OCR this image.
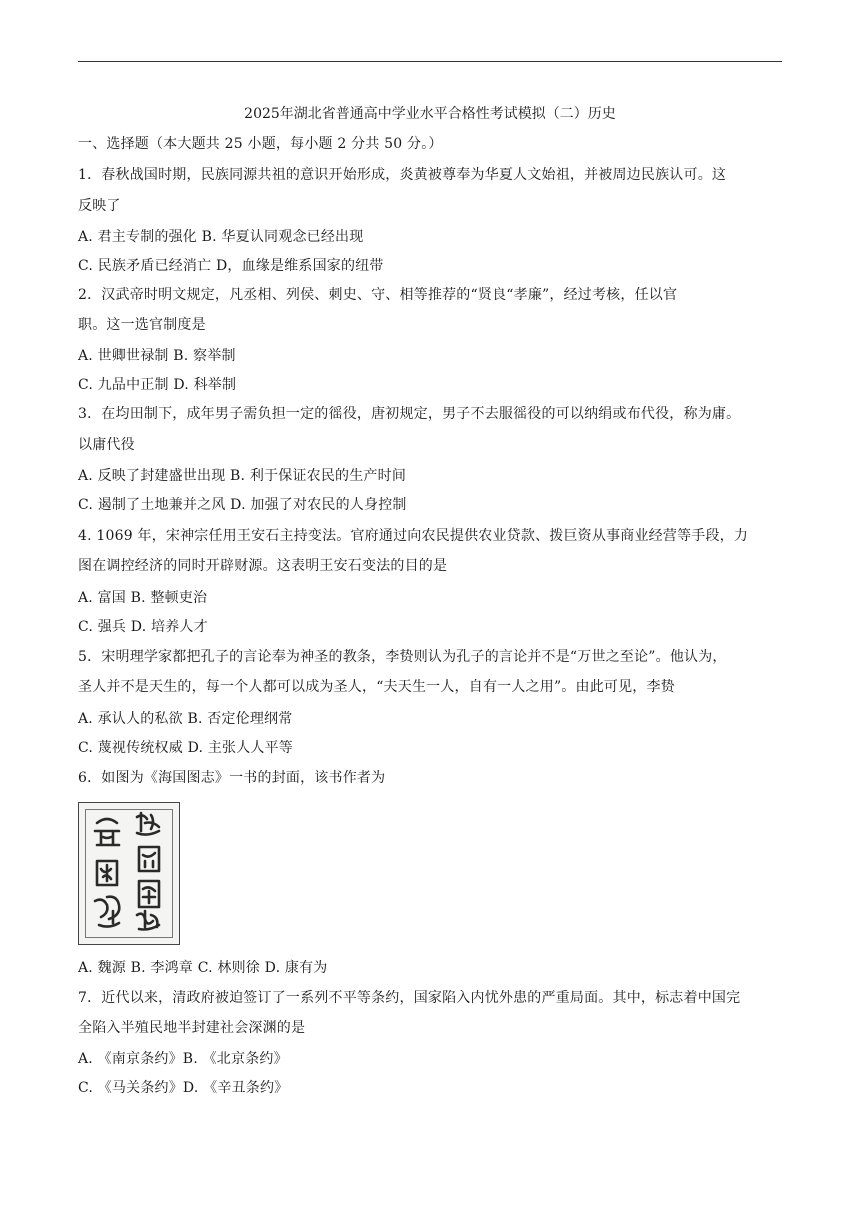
2025年湖北省普通高中学业水平合格性考试模拟（二）历史
一、选择题（本大题共 25 小题，每小题 2 分共 50 分。）
1．春秋战国时期，民族同源共祖的意识开始形成，炎黄被尊奉为华夏人文始祖，并被周边民族认可。这
反映了
A. 君主专制的强化 B. 华夏认同观念已经出现
C. 民族矛盾已经消亡 D，血缘是维系国家的纽带
2．汉武帝时明文规定，凡丞相、列侯、刺史、守、相等推荐的“贤良“孝廉”，经过考核，任以官
职。这一选官制度是
A. 世卿世禄制 B. 察举制
C. 九品中正制 D. 科举制
3．在均田制下，成年男子需负担一定的徭役，唐初规定，男子不去服徭役的可以纳绢或布代役，称为庸。
以庸代役
A. 反映了封建盛世出现 B. 利于保证农民的生产时间
C. 遏制了土地兼并之风 D. 加强了对农民的人身控制
4. 1069 年，宋神宗任用王安石主持变法。官府通过向农民提供农业贷款、拨巨资从事商业经营等手段，力
图在调控经济的同时开辟财源。这表明王安石变法的目的是
A. 富国 B. 整顿吏治
C. 强兵 D. 培养人才
5．宋明理学家都把孔子的言论奉为神圣的教条，李贽则认为孔子的言论并不是“万世之至论”。他认为，
圣人并不是天生的，每一个人都可以成为圣人，“夫天生一人，自有一人之用”。由此可见，李贽
A. 承认人的私欲 B. 否定伦理纲常
C. 蔑视传统权威 D. 主张人人平等
6．如图为《海国图志》一书的封面，该书作者为
A. 魏源 B. 李鸿章 C. 林则徐 D. 康有为
7．近代以来，清政府被迫签订了一系列不平等条约，国家陷入内忧外患的严重局面。其中，标志着中国完
全陷入半殖民地半封建社会深渊的是
A. 《南京条约》B. 《北京条约》
C. 《马关条约》D. 《辛丑条约》
